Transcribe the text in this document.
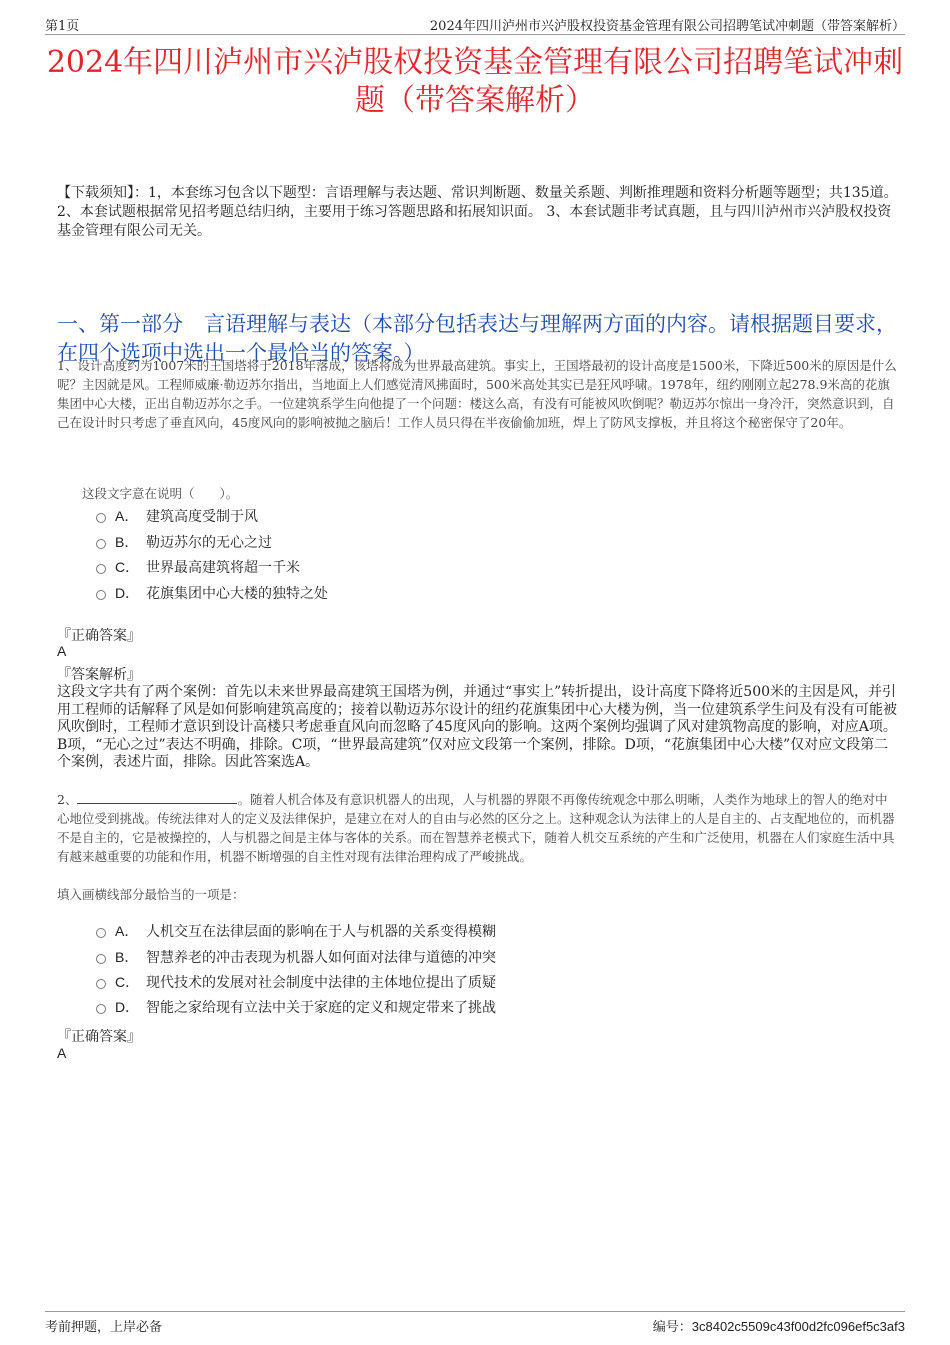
第1页	2024年四川泸州市兴泸股权投资基金管理有限公司招聘笔试冲刺题（带答案解析）
2024年四川泸州市兴泸股权投资基金管理有限公司招聘笔试冲刺题（带答案解析）
【下载须知】：1，本套练习包含以下题型：言语理解与表达题、常识判断题、数量关系题、判断推理题和资料分析题等题型；共135道。 2、本套试题根据常见招考题总结归纳，主要用于练习答题思路和拓展知识面。 3、本套试题非考试真题，且与四川泸州市兴泸股权投资基金管理有限公司无关。
一、第一部分　言语理解与表达（本部分包括表达与理解两方面的内容。请根据题目要求，在四个选项中选出一个最恰当的答案。）
1、设计高度约为1007米的王国塔将于2018年落成，该塔将成为世界最高建筑。事实上，王国塔最初的设计高度是1500米，下降近500米的原因是什么呢？主因就是风。工程师威廉·勒迈苏尔指出，当地面上人们感觉清风拂面时，500米高处其实已是狂风呼啸。1978年，纽约刚刚立起278.9米高的花旗集团中心大楼，正出自勒迈苏尔之手。一位建筑系学生向他提了一个问题：楼这么高，有没有可能被风吹倒呢？勒迈苏尔惊出一身冷汗，突然意识到，自己在设计时只考虑了垂直风向，45度风向的影响被抛之脑后！工作人员只得在半夜偷偷加班，焊上了防风支撑板，并且将这个秘密保守了20年。
这段文字意在说明（　　）。
A． 建筑高度受制于风
B． 勒迈苏尔的无心之过
C． 世界最高建筑将超一千米
D． 花旗集团中心大楼的独特之处
『正确答案』
A
『答案解析』
这段文字共有了两个案例：首先以未来世界最高建筑王国塔为例，并通过“事实上”转折提出，设计高度下降将近500米的主因是风，并引用工程师的话解释了风是如何影响建筑高度的；接着以勒迈苏尔设计的纽约花旗集团中心大楼为例，当一位建筑系学生问及有没有可能被风吹倒时，工程师才意识到设计高楼只考虑垂直风向而忽略了45度风向的影响。这两个案例均强调了风对建筑物高度的影响，对应A项。B项，“无心之过”表达不明确，排除。C项，“世界最高建筑”仅对应文段第一个案例，排除。D项，“花旗集团中心大楼”仅对应文段第二个案例，表述片面，排除。因此答案选A。
2、	。随着人机合体及有意识机器人的出现，人与机器的界限不再像传统观念中那么明晰，人类作为地球上的智人的绝对中心地位受到挑战。传统法律对人的定义及法律保护，是建立在对人的自由与必然的区分之上。这种观念认为法律上的人是自主的、占支配地位的，而机器不是自主的，它是被操控的，人与机器之间是主体与客体的关系。而在智慧养老模式下，随着人机交互系统的产生和广泛使用，机器在人们家庭生活中具有越来越重要的功能和作用，机器不断增强的自主性对现有法律治理构成了严峻挑战。
填入画横线部分最恰当的一项是：
A． 人机交互在法律层面的影响在于人与机器的关系变得模糊
B． 智慧养老的冲击表现为机器人如何面对法律与道德的冲突
C． 现代技术的发展对社会制度中法律的主体地位提出了质疑
D． 智能之家给现有立法中关于家庭的定义和规定带来了挑战
『正确答案』
A
考前押题，上岸必备	编号：3c8402c5509c43f00d2fc096ef5c3af3
